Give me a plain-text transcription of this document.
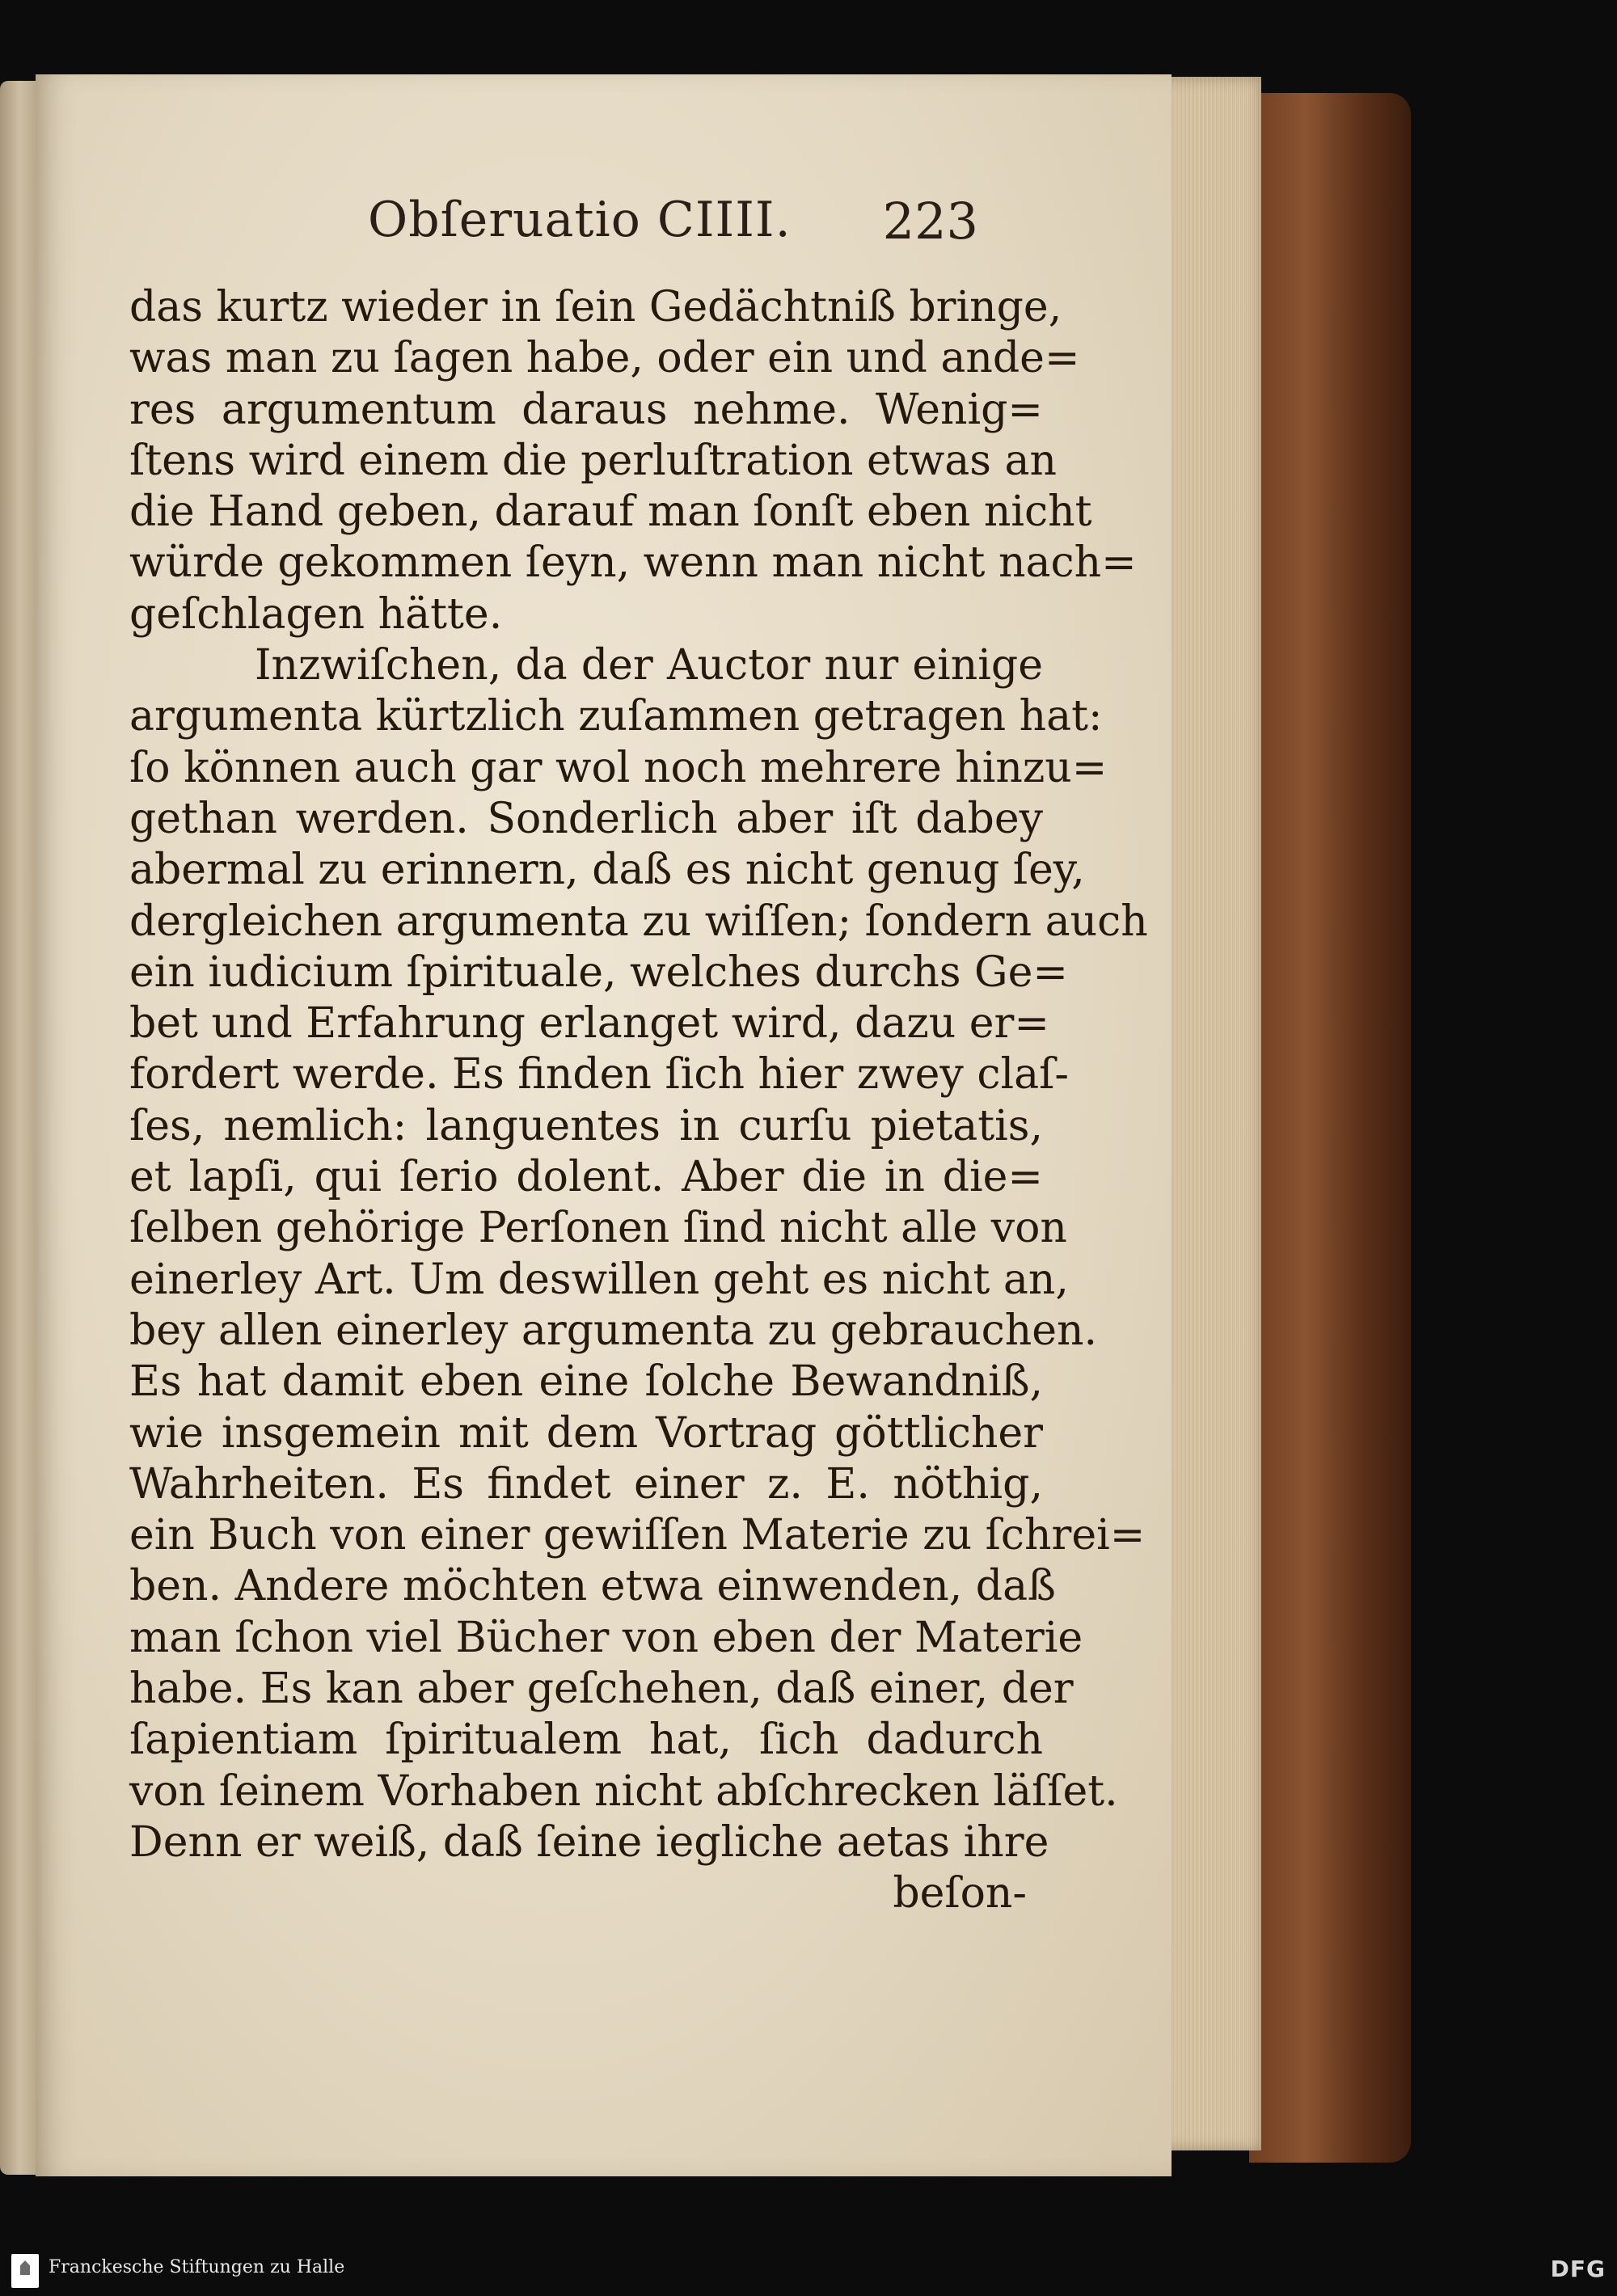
Obſeruatio CIIII. 223
das kurtz wieder in ſein Gedächtniß bringe,
was man zu ſagen habe, oder ein und ande=
res argumentum daraus nehme. Wenig=
ſtens wird einem die perluſtration etwas an
die Hand geben, darauf man ſonſt eben nicht
würde gekommen ſeyn, wenn man nicht nach=
geſchlagen hätte.
Inzwiſchen, da der Auctor nur einige
argumenta kürtzlich zuſammen getragen hat:
ſo können auch gar wol noch mehrere hinzu=
gethan werden. Sonderlich aber iſt dabey
abermal zu erinnern, daß es nicht genug ſey,
dergleichen argumenta zu wiſſen; ſondern auch
ein iudicium ſpirituale, welches durchs Ge=
bet und Erfahrung erlanget wird, dazu er=
fordert werde. Es finden ſich hier zwey claſ-
ſes, nemlich: languentes in curſu pietatis,
et lapſi, qui ſerio dolent. Aber die in die=
ſelben gehörige Perſonen ſind nicht alle von
einerley Art. Um deswillen geht es nicht an,
bey allen einerley argumenta zu gebrauchen.
Es hat damit eben eine ſolche Bewandniß,
wie insgemein mit dem Vortrag göttlicher
Wahrheiten. Es findet einer z. E. nöthig,
ein Buch von einer gewiſſen Materie zu ſchrei=
ben. Andere möchten etwa einwenden, daß
man ſchon viel Bücher von eben der Materie
habe. Es kan aber geſchehen, daß einer, der
ſapientiam ſpiritualem hat, ſich dadurch
von ſeinem Vorhaben nicht abſchrecken läſſet.
Denn er weiß, daß ſeine iegliche aetas ihre
beſon-
Franckesche Stiftungen zu Halle	DFG
